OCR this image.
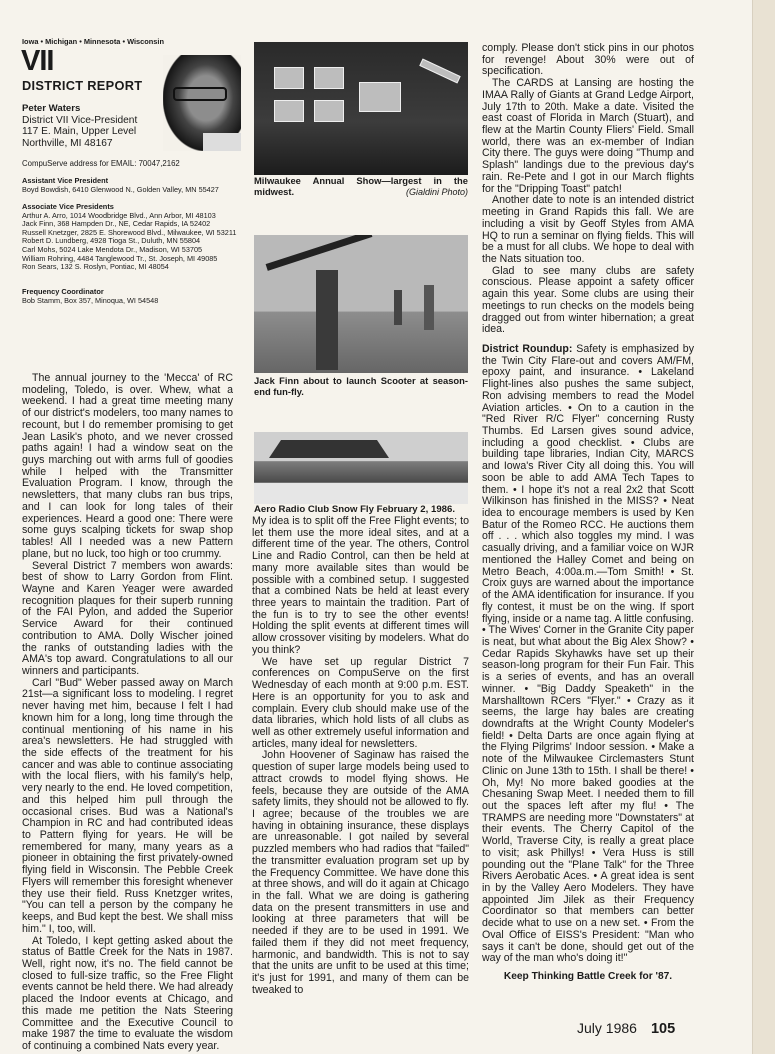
Iowa • Michigan • Minnesota • Wisconsin
VII
DISTRICT REPORT
Peter Waters
District VII Vice-President
117 E. Main, Upper Level
Northville, MI 48167
CompuServe address for EMAIL: 70047,2162
Assistant Vice President
Boyd Bowdish, 6410 Glenwood N., Golden Valley, MN 55427
Associate Vice Presidents
Arthur A. Arro, 1014 Woodbridge Blvd., Ann Arbor, MI 48103
Jack Finn, 368 Hampden Dr., NE, Cedar Rapids, IA 52402
Russell Knetzger, 2825 E. Shorewood Blvd., Milwaukee, WI 53211
Robert D. Lundberg, 4928 Tioga St., Duluth, MN 55804
Carl Mohs, 5024 Lake Mendota Dr., Madison, WI 53705
William Rohring, 4484 Tanglewood Tr., St. Joseph, MI 49085
Ron Sears, 132 S. Roslyn, Pontiac, MI 48054
Frequency Coordinator
Bob Stamm, Box 357, Minoqua, WI 54548

The annual journey to the 'Mecca' of RC modeling, Toledo, is over. Whew, what a weekend. I had a great time meeting many of our district's modelers, too many names to recount, but I do remember promising to get Jean Lasik's photo, and we never crossed paths again! I had a window seat on the guys marching out with arms full of goodies while I helped with the Transmitter Evaluation Program. I know, through the newsletters, that many clubs ran bus trips, and I can look for long tales of their experiences. Heard a good one: There were some guys scalping tickets for swap shop tables! All I needed was a new Pattern plane, but no luck, too high or too crummy.

Several District 7 members won awards: best of show to Larry Gordon from Flint. Wayne and Karen Yeager were awarded recognition plaques for their superb running of the FAI Pylon, and added the Superior Service Award for their continued contribution to AMA. Dolly Wischer joined the ranks of outstanding ladies with the AMA's top award. Congratulations to all our winners and participants.

Carl "Bud" Weber passed away on March 21st—a significant loss to modeling. I regret never having met him, because I felt I had known him for a long, long time through the continual mentioning of his name in his area's newsletters. He had struggled with the side effects of the treatment for his cancer and was able to continue associating with the local fliers, with his family's help, very nearly to the end. He loved competition, and this helped him pull through the occasional crises. Bud was a National's Champion in RC and had contributed ideas to Pattern flying for years. He will be remembered for many, many years as a pioneer in obtaining the first privately-owned flying field in Wisconsin. The Pebble Creek Flyers will remember this foresight whenever they use their field. Russ Knetzger writes, "You can tell a person by the company he keeps, and Bud kept the best. We shall miss him." I, too, will.

At Toledo, I kept getting asked about the status of Battle Creek for the Nats in 1987. Well, right now, it's no. The field cannot be closed to full-size traffic, so the Free Flight events cannot be held there. We had already placed the Indoor events at Chicago, and this made me petition the Nats Steering Committee and the Executive Council to make 1987 the time to evaluate the wisdom of continuing a combined Nats every year.

Milwaukee Annual Show—largest in the midwest.	(Gialdini Photo)
Jack Finn about to launch Scooter at season-end fun-fly.
Aero Radio Club Snow Fly February 2, 1986.

My idea is to split off the Free Flight events; to let them use the more ideal sites, and at a different time of the year. The others, Control Line and Radio Control, can then be held at many more available sites than would be possible with a combined setup. I suggested that a combined Nats be held at least every three years to maintain the tradition. Part of the fun is to try to see the other events! Holding the split events at different times will allow crossover visiting by modelers. What do you think?

We have set up regular District 7 conferences on CompuServe on the first Wednesday of each month at 9:00 p.m. EST. Here is an opportunity for you to ask and complain. Every club should make use of the data libraries, which hold lists of all clubs as well as other extremely useful information and articles, many ideal for newsletters.

John Hoovener of Saginaw has raised the question of super large models being used to attract crowds to model flying shows. He feels, because they are outside of the AMA safety limits, they should not be allowed to fly. I agree; because of the troubles we are having in obtaining insurance, these displays are unreasonable. I got nailed by several puzzled members who had radios that "failed" the transmitter evaluation program set up by the Frequency Committee. We have done this at three shows, and will do it again at Chicago in the fall. What we are doing is gathering data on the present transmitters in use and looking at three parameters that will be needed if they are to be used in 1991. We failed them if they did not meet frequency, harmonic, and bandwidth. This is not to say that the units are unfit to be used at this time; it's just for 1991, and many of them can be tweaked to

comply. Please don't stick pins in our photos for revenge! About 30% were out of specification.

The CARDS at Lansing are hosting the IMAA Rally of Giants at Grand Ledge Airport, July 17th to 20th. Make a date. Visited the east coast of Florida in March (Stuart), and flew at the Martin County Fliers' Field. Small world, there was an ex-member of Indian City there. The guys were doing "Thump and Splash" landings due to the previous day's rain. Re-Pete and I got in our March flights for the "Dripping Toast" patch!

Another date to note is an intended district meeting in Grand Rapids this fall. We are including a visit by Geoff Styles from AMA HQ to run a seminar on flying fields. This will be a must for all clubs. We hope to deal with the Nats situation too.

Glad to see many clubs are safety conscious. Please appoint a safety officer again this year. Some clubs are using their meetings to run checks on the models being dragged out from winter hibernation; a great idea.

District Roundup: Safety is emphasized by the Twin City Flare-out and covers AM/FM, epoxy paint, and insurance. • Lakeland Flight-lines also pushes the same subject, Ron advising members to read the Model Aviation articles. • On to a caution in the "Red River R/C Flyer" concerning Rusty Thumbs. Ed Larsen gives sound advice, including a good checklist. • Clubs are building tape libraries, Indian City, MARCS and Iowa's River City all doing this. You will soon be able to add AMA Tech Tapes to them. • I hope it's not a real 2x2 that Scott Wilkinson has finished in the MISS? • Neat idea to encourage members is used by Ken Batur of the Romeo RCC. He auctions them off . . . which also toggles my mind. I was casually driving, and a familiar voice on WJR mentioned the Halley Comet and being on Metro Beach, 4:00a.m.—Tom Smith! • St. Croix guys are warned about the importance of the AMA identification for insurance. If you fly contest, it must be on the wing. If sport flying, inside or a name tag. A little confusing. • The Wives' Corner in the Granite City paper is neat, but what about the Big Alex Show? • Cedar Rapids Skyhawks have set up their season-long program for their Fun Fair. This is a series of events, and has an overall winner. • "Big Daddy Speaketh" in the Marshalltown RCers "Flyer." • Crazy as it seems, the large hay bales are creating downdrafts at the Wright County Modeler's field! • Delta Darts are once again flying at the Flying Pilgrims' Indoor session. • Make a note of the Milwaukee Circlemasters Stunt Clinic on June 13th to 15th. I shall be there! • Oh, My! No more baked goodies at the Chesaning Swap Meet. I needed them to fill out the spaces left after my flu! • The TRAMPS are needing more "Downstaters" at their events. The Cherry Capitol of the World, Traverse City, is really a great place to visit; ask Phillys! • Vera Huss is still pounding out the "Plane Talk" for the Three Rivers Aerobatic Aces. • A great idea is sent in by the Valley Aero Modelers. They have appointed Jim Jilek as their Frequency Coordinator so that members can better decide what to use on a new set. • From the Oval Office of EISS's President: "Man who says it can't be done, should get out of the way of the man who's doing it!"

Keep Thinking Battle Creek for '87.

July 1986 105
